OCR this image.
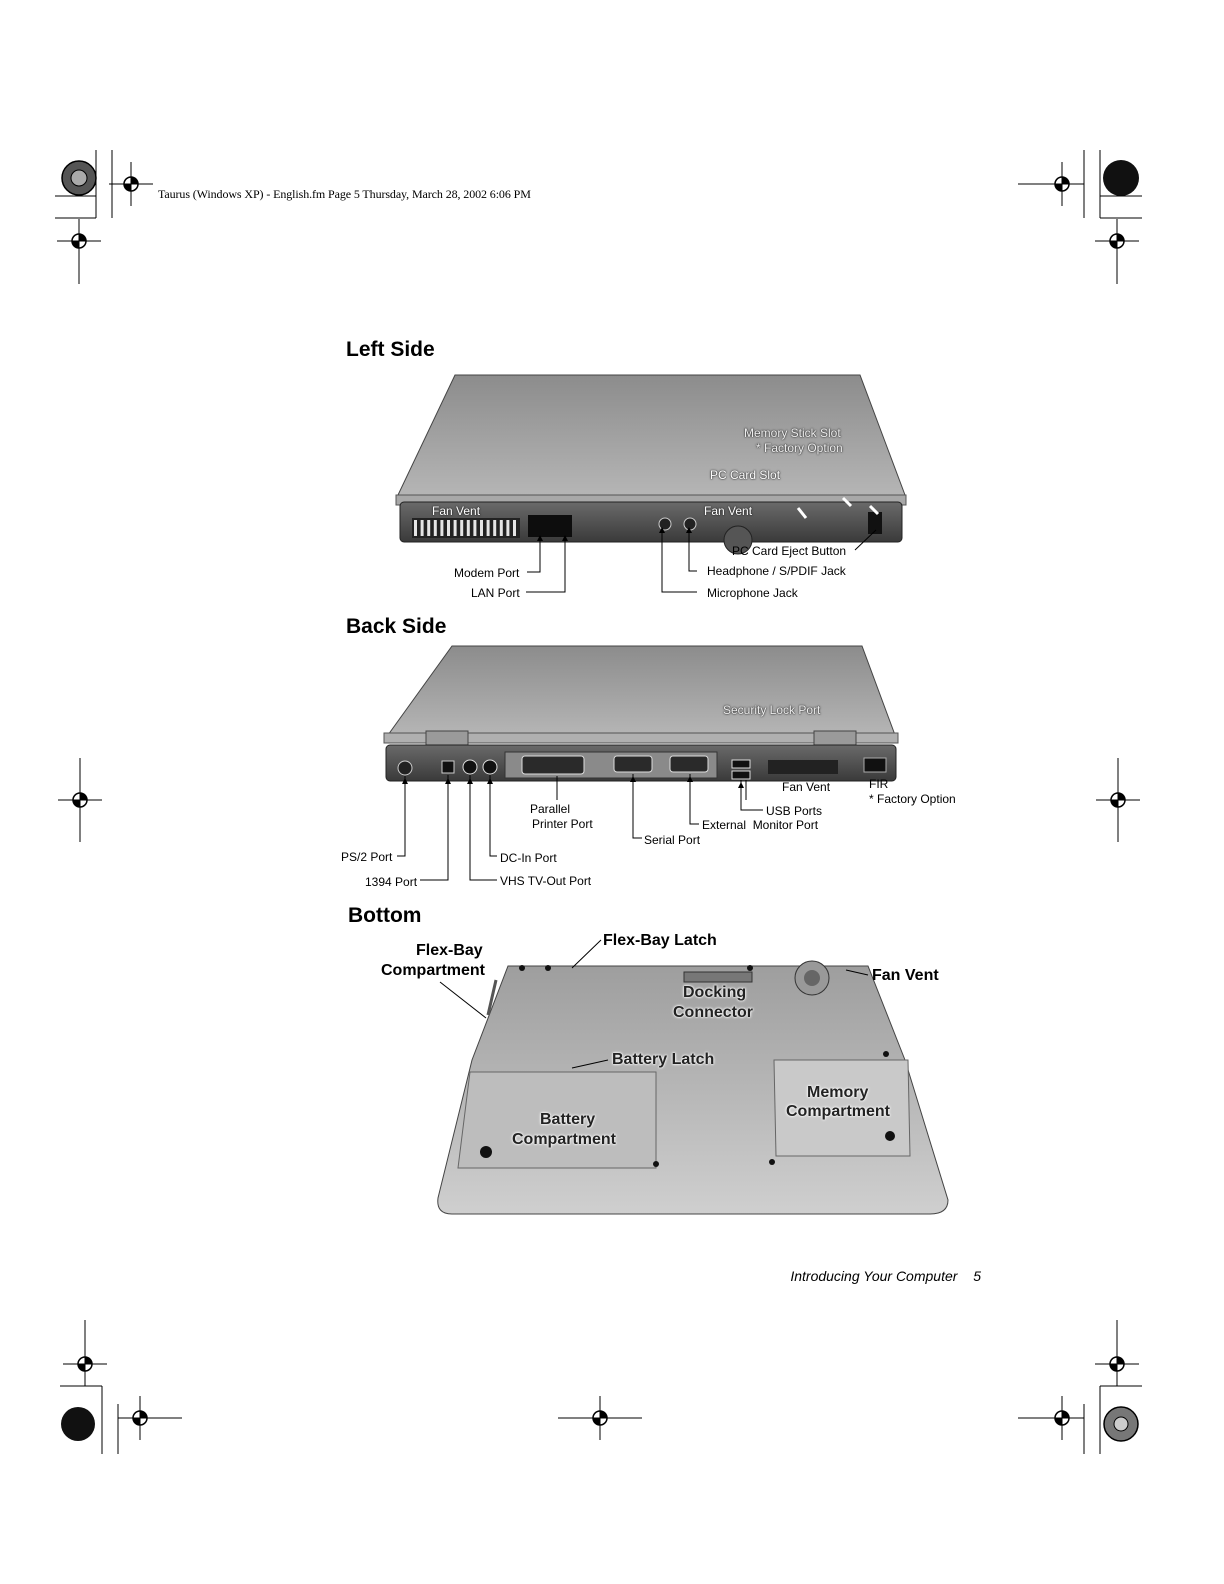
Taurus (Windows XP) - English.fm Page 5 Thursday, March 28, 2002 6:06 PM
Left Side
Memory Stick Slot
* Factory Option
PC Card Slot
Fan Vent	Fan Vent
PC Card Eject Button
Modem Port	Headphone / S/PDIF Jack
LAN Port	Microphone Jack
Back Side
Security Lock Port
Fan Vent	FIR
* Factory Option
Parallel
Printer Port
USB Ports
External  Monitor Port
Serial Port
PS/2 Port	DC-In Port
1394 Port	VHS TV-Out Port
Bottom
Flex-Bay
Compartment
Flex-Bay Latch
Fan Vent
Docking
Connector
Battery Latch
Memory
Compartment
Battery
Compartment
Introducing Your Computer 5
